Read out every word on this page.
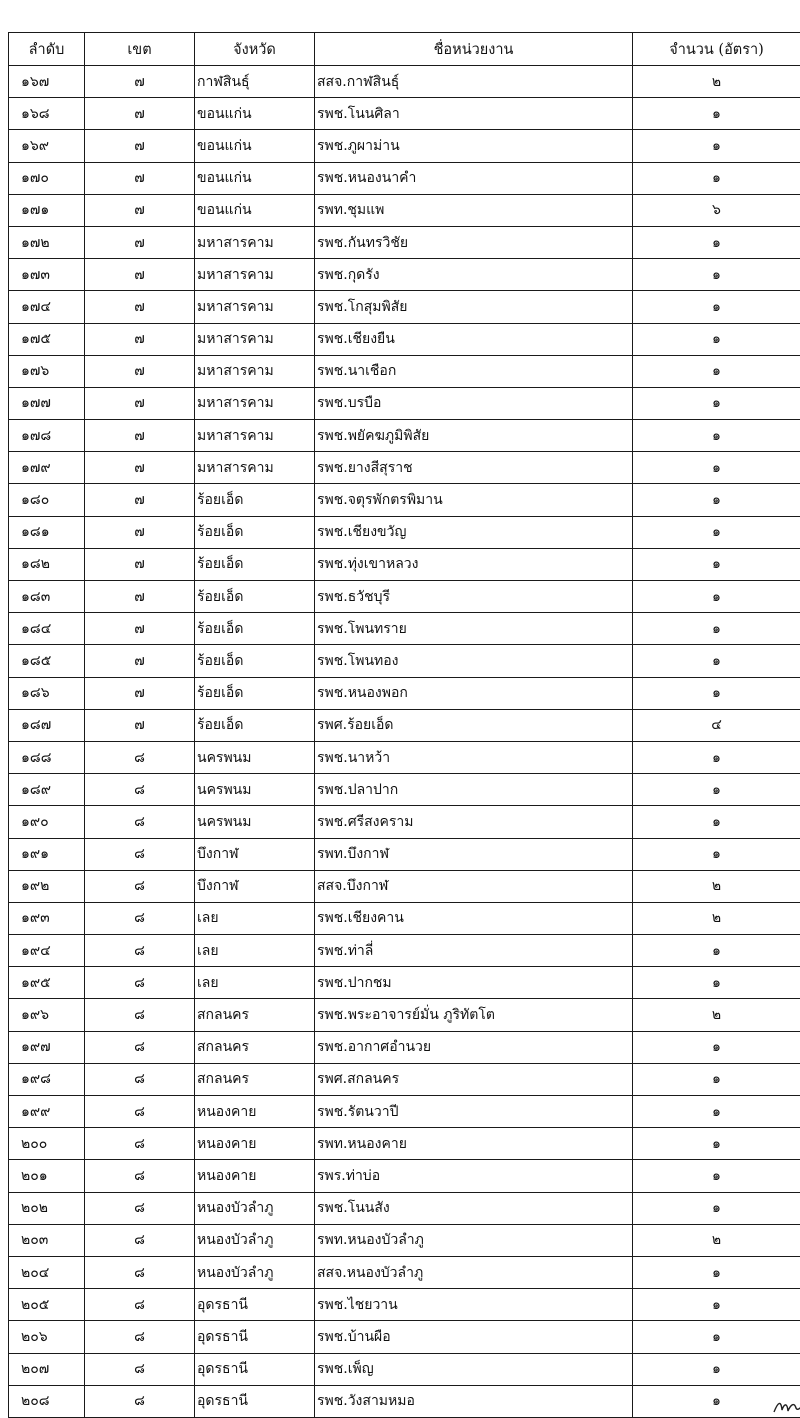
ลำดับ	เขต	จังหวัด	ชื่อหน่วยงาน	จำนวน (อัตรา)
๑๖๗	๗	กาฬสินธุ์	สสจ.กาฬสินธุ์	๒
๑๖๘	๗	ขอนแก่น	รพช.โนนศิลา	๑
๑๖๙	๗	ขอนแก่น	รพช.ภูผาม่าน	๑
๑๗๐	๗	ขอนแก่น	รพช.หนองนาคำ	๑
๑๗๑	๗	ขอนแก่น	รพท.ชุมแพ	๖
๑๗๒	๗	มหาสารคาม	รพช.กันทรวิชัย	๑
๑๗๓	๗	มหาสารคาม	รพช.กุดรัง	๑
๑๗๔	๗	มหาสารคาม	รพช.โกสุมพิสัย	๑
๑๗๕	๗	มหาสารคาม	รพช.เชียงยืน	๑
๑๗๖	๗	มหาสารคาม	รพช.นาเชือก	๑
๑๗๗	๗	มหาสารคาม	รพช.บรบือ	๑
๑๗๘	๗	มหาสารคาม	รพช.พยัคฆภูมิพิสัย	๑
๑๗๙	๗	มหาสารคาม	รพช.ยางสีสุราช	๑
๑๘๐	๗	ร้อยเอ็ด	รพช.จตุรพักตรพิมาน	๑
๑๘๑	๗	ร้อยเอ็ด	รพช.เชียงขวัญ	๑
๑๘๒	๗	ร้อยเอ็ด	รพช.ทุ่งเขาหลวง	๑
๑๘๓	๗	ร้อยเอ็ด	รพช.ธวัชบุรี	๑
๑๘๔	๗	ร้อยเอ็ด	รพช.โพนทราย	๑
๑๘๕	๗	ร้อยเอ็ด	รพช.โพนทอง	๑
๑๘๖	๗	ร้อยเอ็ด	รพช.หนองพอก	๑
๑๘๗	๗	ร้อยเอ็ด	รพศ.ร้อยเอ็ด	๔
๑๘๘	๘	นครพนม	รพช.นาหว้า	๑
๑๘๙	๘	นครพนม	รพช.ปลาปาก	๑
๑๙๐	๘	นครพนม	รพช.ศรีสงคราม	๑
๑๙๑	๘	บึงกาฬ	รพท.บึงกาฬ	๑
๑๙๒	๘	บึงกาฬ	สสจ.บึงกาฬ	๒
๑๙๓	๘	เลย	รพช.เชียงคาน	๒
๑๙๔	๘	เลย	รพช.ท่าลี่	๑
๑๙๕	๘	เลย	รพช.ปากชม	๑
๑๙๖	๘	สกลนคร	รพช.พระอาจารย์มั่น ภูริทัตโต	๒
๑๙๗	๘	สกลนคร	รพช.อากาศอำนวย	๑
๑๙๘	๘	สกลนคร	รพศ.สกลนคร	๑
๑๙๙	๘	หนองคาย	รพช.รัตนวาปี	๑
๒๐๐	๘	หนองคาย	รพท.หนองคาย	๑
๒๐๑	๘	หนองคาย	รพร.ท่าบ่อ	๑
๒๐๒	๘	หนองบัวลำภู	รพช.โนนสัง	๑
๒๐๓	๘	หนองบัวลำภู	รพท.หนองบัวลำภู	๒
๒๐๔	๘	หนองบัวลำภู	สสจ.หนองบัวลำภู	๑
๒๐๕	๘	อุดรธานี	รพช.ไชยวาน	๑
๒๐๖	๘	อุดรธานี	รพช.บ้านผือ	๑
๒๐๗	๘	อุดรธานี	รพช.เพ็ญ	๑
๒๐๘	๘	อุดรธานี	รพช.วังสามหมอ	๑
